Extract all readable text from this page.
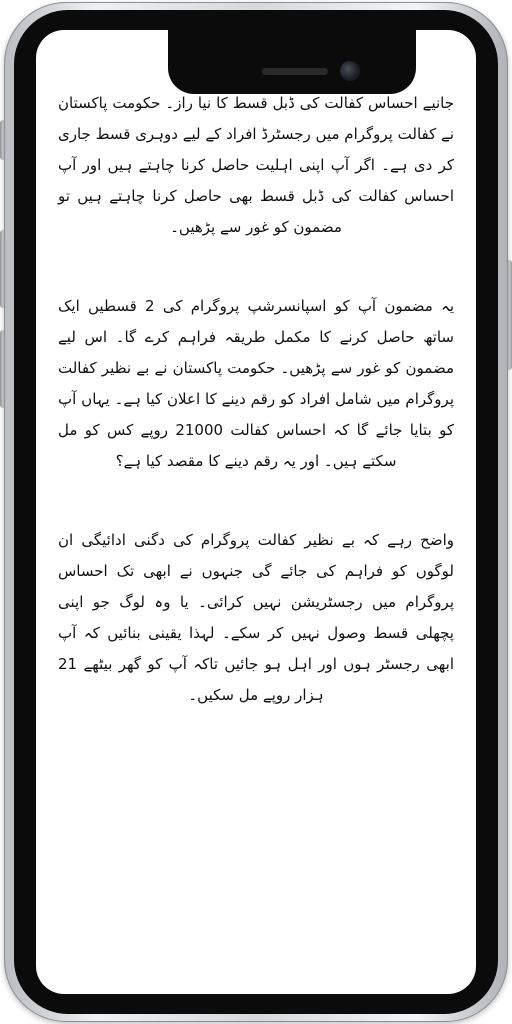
جانیے احساس کفالت کی ڈبل قسط کا نیا راز۔ حکومت پاکستان نے کفالت پروگرام میں رجسٹرڈ افراد کے لیے دوہری قسط جاری کر دی ہے۔ اگر آپ اپنی اہلیت حاصل کرنا چاہتے ہیں اور آپ احساس کفالت کی ڈبل قسط بھی حاصل کرنا چاہتے ہیں تو مضمون کو غور سے پڑھیں۔

یہ مضمون آپ کو اسپانسرشپ پروگرام کی 2 قسطیں ایک ساتھ حاصل کرنے کا مکمل طریقہ فراہم کرے گا۔ اس لیے مضمون کو غور سے پڑھیں۔ حکومت پاکستان نے بے نظیر کفالت پروگرام میں شامل افراد کو رقم دینے کا اعلان کیا ہے۔ یہاں آپ کو بتایا جائے گا کہ احساس کفالت 21000 روپے کس کو مل سکتے ہیں۔ اور یہ رقم دینے کا مقصد کیا ہے؟

واضح رہے کہ بے نظیر کفالت پروگرام کی دگنی ادائیگی ان لوگوں کو فراہم کی جائے گی جنہوں نے ابھی تک احساس پروگرام میں رجسٹریشن نہیں کرائی۔ یا وہ لوگ جو اپنی پچھلی قسط وصول نہیں کر سکے۔ لہذا یقینی بنائیں کہ آپ ابھی رجسٹر ہوں اور اہل ہو جائیں تاکہ آپ کو گھر بیٹھے 21 ہزار روپے مل سکیں۔
